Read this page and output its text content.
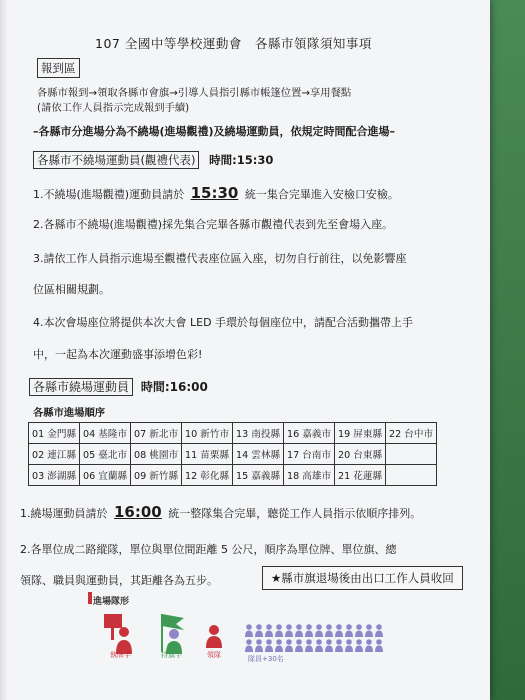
107 全國中等學校運動會　各縣市領隊須知事項
報到區
各縣市報到→領取各縣市會旗→引導人員指引縣市帳篷位置→享用餐點
(請依工作人員指示完成報到手續)
–各縣市分進場分為不繞場(進場觀禮)及繞場運動員，依規定時間配合進場–
各縣市不繞場運動員(觀禮代表) 時間:15:30
1.不繞場(進場觀禮)運動員請於 15:30 統一集合完畢進入安檢口安檢。
2.各縣市不繞場(進場觀禮)採先集合完畢各縣市觀禮代表到先至會場入座。
3.請依工作人員指示進場至觀禮代表座位區入座，切勿自行前往，以免影響座
位區相關規劃。
4.本次會場座位將提供本次大會 LED 手環於每個座位中，請配合活動攜帶上手
中，一起為本次運動盛事添增色彩!
各縣市繞場運動員 時間:16:00
各縣市進場順序
01 金門縣	04 基隆市	07 新北市	10 新竹市	13 南投縣	16 嘉義市	19 屏東縣	22 台中市
02 連江縣	05 臺北市	08 桃園市	11 苗栗縣	14 雲林縣	17 台南市	20 台東縣	
03 澎湖縣	06 宜蘭縣	09 新竹縣	12 彰化縣	15 嘉義縣	18 高雄市	21 花蓮縣	
1.繞場運動員請於 16:00 統一整隊集合完畢，聽從工作人員指示依順序排列。
2.各單位成二路縱隊，單位與單位間距離 5 公尺，順序為單位牌、單位旗、總
領隊、職員與運動員，其距離各為五步。	★縣市旗退場後由出口工作人員收回
進場隊形
執牌手	持旗手	領隊	隊員+30名
